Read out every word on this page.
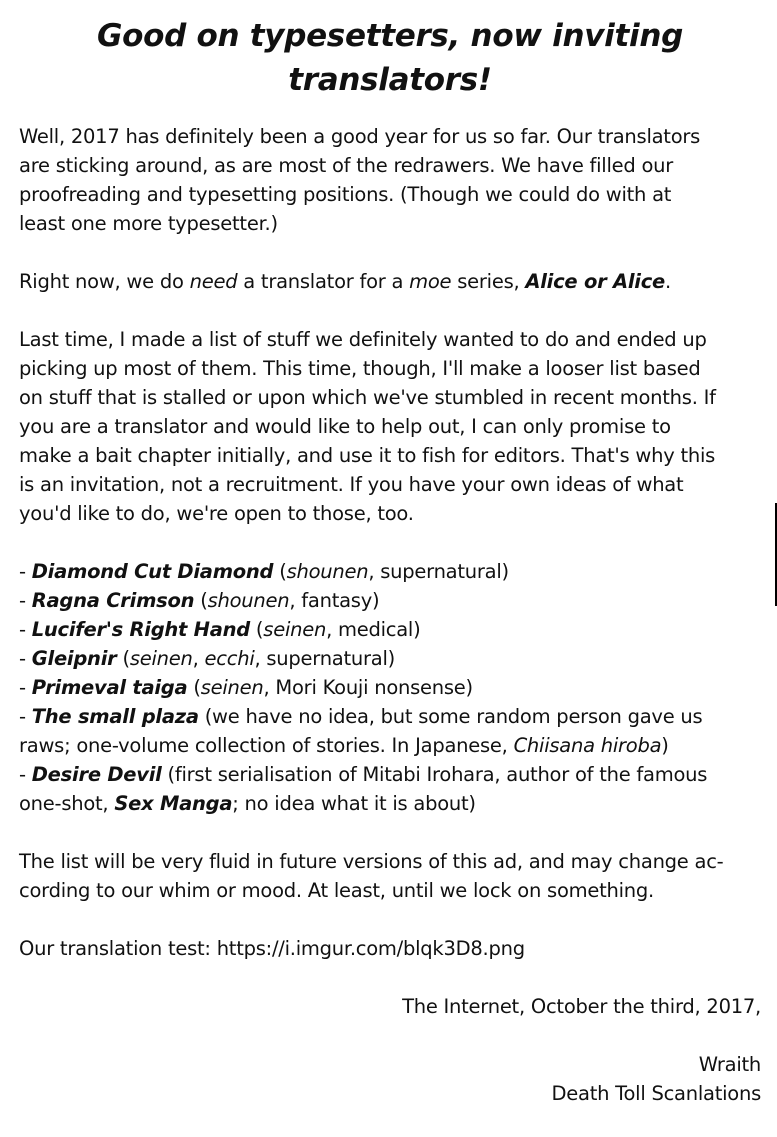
Good on typesetters, now inviting translators!

Well, 2017 has definitely been a good year for us so far. Our translators
are sticking around, as are most of the redrawers. We have filled our
proofreading and typesetting positions. (Though we could do with at
least one more typesetter.)

Right now, we do need a translator for a moe series, Alice or Alice.

Last time, I made a list of stuff we definitely wanted to do and ended up
picking up most of them. This time, though, I'll make a looser list based
on stuff that is stalled or upon which we've stumbled in recent months. If
you are a translator and would like to help out, I can only promise to
make a bait chapter initially, and use it to fish for editors. That's why this
is an invitation, not a recruitment. If you have your own ideas of what
you'd like to do, we're open to those, too.

- Diamond Cut Diamond (shounen, supernatural)
- Ragna Crimson (shounen, fantasy)
- Lucifer's Right Hand (seinen, medical)
- Gleipnir (seinen, ecchi, supernatural)
- Primeval taiga (seinen, Mori Kouji nonsense)
- The small plaza (we have no idea, but some random person gave us
raws; one-volume collection of stories. In Japanese, Chiisana hiroba)
- Desire Devil (first serialisation of Mitabi Irohara, author of the famous
one-shot, Sex Manga; no idea what it is about)

The list will be very fluid in future versions of this ad, and may change ac-
cording to our whim or mood. At least, until we lock on something.

Our translation test: https://i.imgur.com/blqk3D8.png

The Internet, October the third, 2017,

Wraith
Death Toll Scanlations
